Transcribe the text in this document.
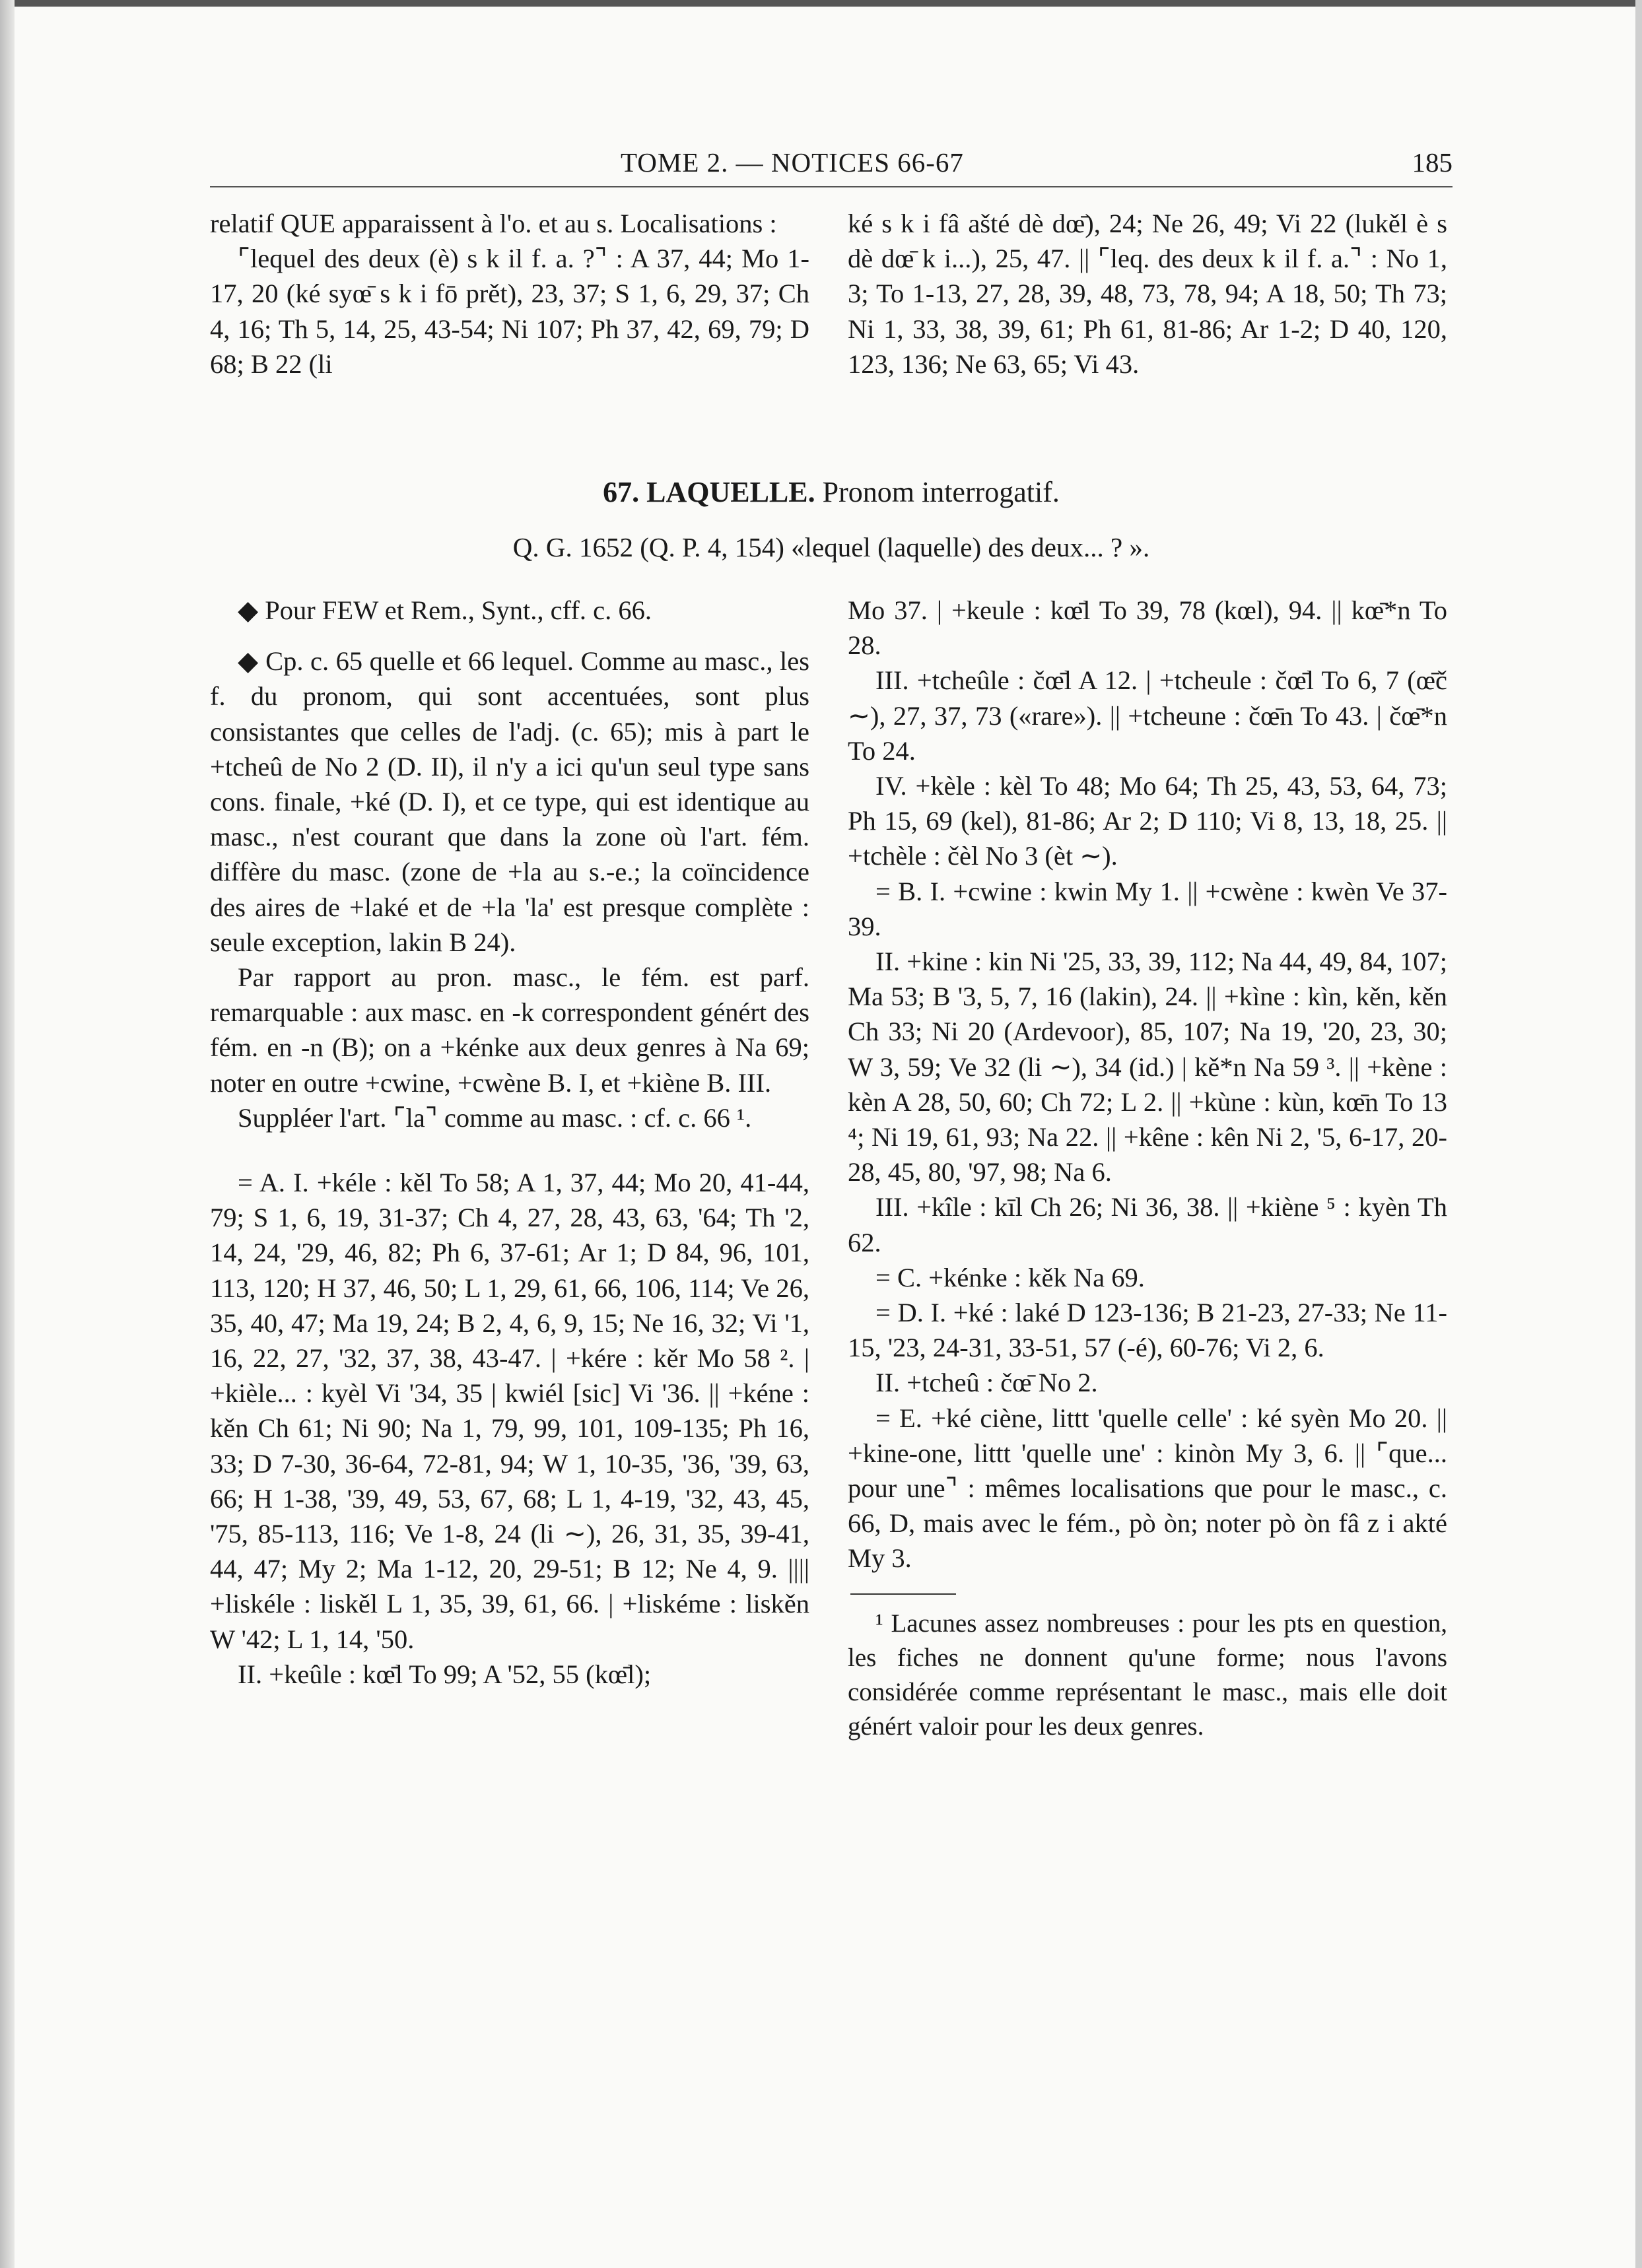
TOME 2. — NOTICES 66-67	185

relatif QUE apparaissent à l'o. et au s. Localisations :

⌜lequel des deux (è) s k il f. a. ?⌝ : A 37, 44; Mo 1-17, 20 (ké syœ̄ s k i fō prět), 23, 37; S 1, 6, 29, 37; Ch 4, 16; Th 5, 14, 25, 43-54; Ni 107; Ph 37, 42, 69, 79; D 68; B 22 (li

ké s k i fâ ašté dè dœ̄), 24; Ne 26, 49; Vi 22 (lukěl è s dè dœ̄ k i...), 25, 47. || ⌜leq. des deux k il f. a.⌝ : No 1, 3; To 1-13, 27, 28, 39, 48, 73, 78, 94; A 18, 50; Th 73; Ni 1, 33, 38, 39, 61; Ph 61, 81-86; Ar 1-2; D 40, 120, 123, 136; Ne 63, 65; Vi 43.

67. LAQUELLE. Pronom interrogatif.
Q. G. 1652 (Q. P. 4, 154) «lequel (laquelle) des deux... ? ».

◆ Pour FEW et Rem., Synt., cff. c. 66.

◆ Cp. c. 65 quelle et 66 lequel. Comme au masc., les f. du pronom, qui sont accentuées, sont plus consistantes que celles de l'adj. (c. 65); mis à part le +tcheû de No 2 (D. II), il n'y a ici qu'un seul type sans cons. finale, +ké (D. I), et ce type, qui est identique au masc., n'est courant que dans la zone où l'art. fém. diffère du masc. (zone de +la au s.-e.; la coïncidence des aires de +laké et de +la 'la' est presque complète : seule exception, lakin B 24).

Par rapport au pron. masc., le fém. est parf. remarquable : aux masc. en -k correspondent génért des fém. en -n (B); on a +kénke aux deux genres à Na 69; noter en outre +cwine, +cwène B. I, et +kiène B. III.

Suppléer l'art. ⌜la⌝ comme au masc. : cf. c. 66 ¹.

= A. I. +kéle : kěl To 58; A 1, 37, 44; Mo 20, 41-44, 79; S 1, 6, 19, 31-37; Ch 4, 27, 28, 43, 63, '64; Th '2, 14, 24, '29, 46, 82; Ph 6, 37-61; Ar 1; D 84, 96, 101, 113, 120; H 37, 46, 50; L 1, 29, 61, 66, 106, 114; Ve 26, 35, 40, 47; Ma 19, 24; B 2, 4, 6, 9, 15; Ne 16, 32; Vi '1, 16, 22, 27, '32, 37, 38, 43-47. | +kére : kěr Mo 58 ². | +kièle... : kyèl Vi '34, 35 | kwiél [sic] Vi '36. || +kéne : kěn Ch 61; Ni 90; Na 1, 79, 99, 101, 109-135; Ph 16, 33; D 7-30, 36-64, 72-81, 94; W 1, 10-35, '36, '39, 63, 66; H 1-38, '39, 49, 53, 67, 68; L 1, 4-19, '32, 43, 45, '75, 85-113, 116; Ve 1-8, 24 (li ∼), 26, 31, 35, 39-41, 44, 47; My 2; Ma 1-12, 20, 29-51; B 12; Ne 4, 9. |||| +liskéle : liskěl L 1, 35, 39, 61, 66. | +liskéme : liskěn W '42; L 1, 14, '50.

II. +keûle : kœ̄l To 99; A '52, 55 (kœ̄l);

Mo 37. | +keule : kœ̄l To 39, 78 (kœl), 94. || kœ̄*n To 28.

III. +tcheûle : čœ̄l A 12. | +tcheule : čœ̄l To 6, 7 (œ̄č ∼), 27, 37, 73 («rare»). || +tcheune : čœ̄n To 43. | čœ̄*n To 24.

IV. +kèle : kèl To 48; Mo 64; Th 25, 43, 53, 64, 73; Ph 15, 69 (kel), 81-86; Ar 2; D 110; Vi 8, 13, 18, 25. || +tchèle : čèl No 3 (èt ∼).

= B. I. +cwine : kwin My 1. || +cwène : kwèn Ve 37-39.

II. +kine : kin Ni '25, 33, 39, 112; Na 44, 49, 84, 107; Ma 53; B '3, 5, 7, 16 (lakin), 24. || +kìne : kìn, kěn, kěn Ch 33; Ni 20 (Ardevoor), 85, 107; Na 19, '20, 23, 30; W 3, 59; Ve 32 (li ∼), 34 (id.) | kě*n Na 59 ³. || +kène : kèn A 28, 50, 60; Ch 72; L 2. || +kùne : kùn, kœ̄n To 13 ⁴; Ni 19, 61, 93; Na 22. || +kêne : kên Ni 2, '5, 6-17, 20-28, 45, 80, '97, 98; Na 6.

III. +kîle : kīl Ch 26; Ni 36, 38. || +kiène ⁵ : kyèn Th 62.

= C. +kénke : kěk Na 69.

= D. I. +ké : laké D 123-136; B 21-23, 27-33; Ne 11-15, '23, 24-31, 33-51, 57 (-é), 60-76; Vi 2, 6.

II. +tcheû : čœ̄ No 2.

= E. +ké ciène, littt 'quelle celle' : ké syèn Mo 20. || +kine-one, littt 'quelle une' : kinòn My 3, 6. || ⌜que... pour une⌝ : mêmes localisations que pour le masc., c. 66, D, mais avec le fém., pò òn; noter pò òn fâ z i akté My 3.

¹ Lacunes assez nombreuses : pour les pts en question, les fiches ne donnent qu'une forme; nous l'avons considérée comme représentant le masc., mais elle doit génért valoir pour les deux genres.
